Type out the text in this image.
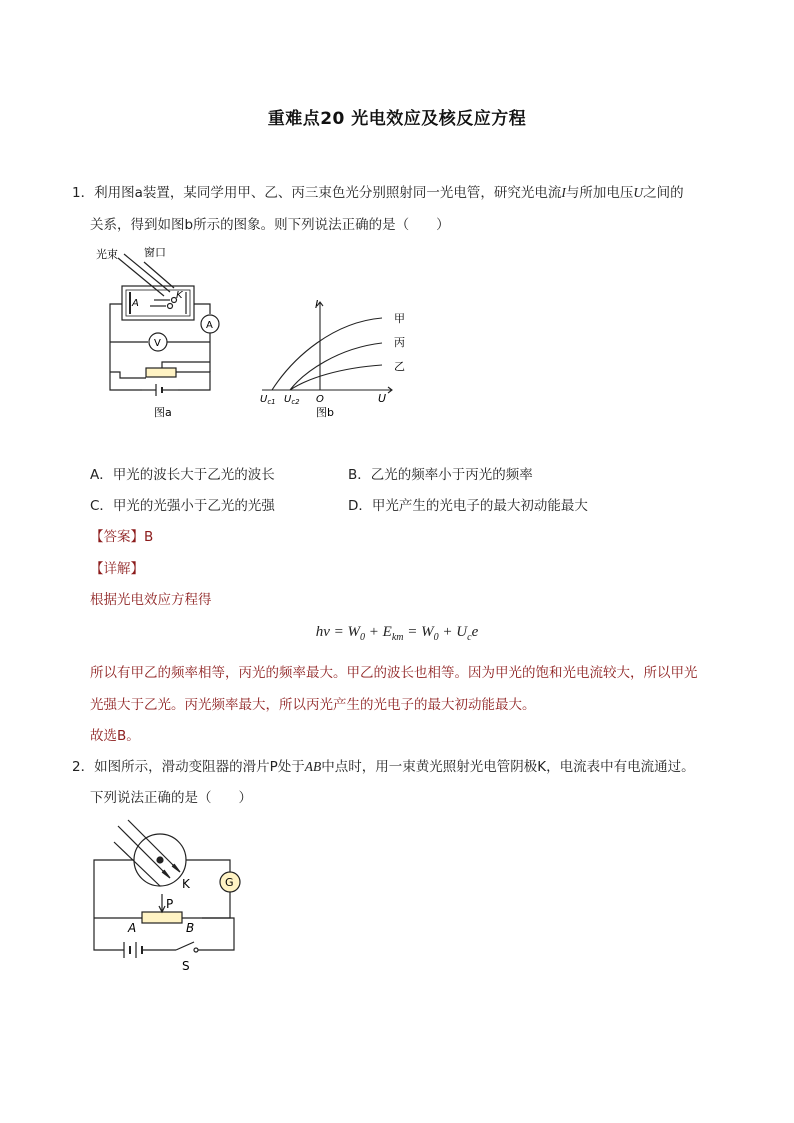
重难点20 光电效应及核反应方程
1．利用图a装置，某同学用甲、乙、丙三束色光分别照射同一光电管，研究光电流I与所加电压U之间的
关系，得到如图b所示的图象。则下列说法正确的是（　　）
光束 窗口
A
K
A
V
图a
I
U
O
$U_{c1}$ $U_{c2}$
甲
丙
乙
图b
A．甲光的波长大于乙光的波长	B．乙光的频率小于丙光的频率
C．甲光的光强小于乙光的光强	D．甲光产生的光电子的最大初动能最大
【答案】B
【详解】
根据光电效应方程得
$h\nu = W_0 + E_{km} = W_0 + U_ce$
所以有甲乙的频率相等，丙光的频率最大。甲乙的波长也相等。因为甲光的饱和光电流较大，所以甲光
光强大于乙光。丙光频率最大，所以丙光产生的光电子的最大初动能最大。
故选B。
2．如图所示，滑动变阻器的滑片P处于AB中点时，用一束黄光照射光电管阴极K，电流表中有电流通过。
下列说法正确的是（　　）
K	G
P
A	B
S
